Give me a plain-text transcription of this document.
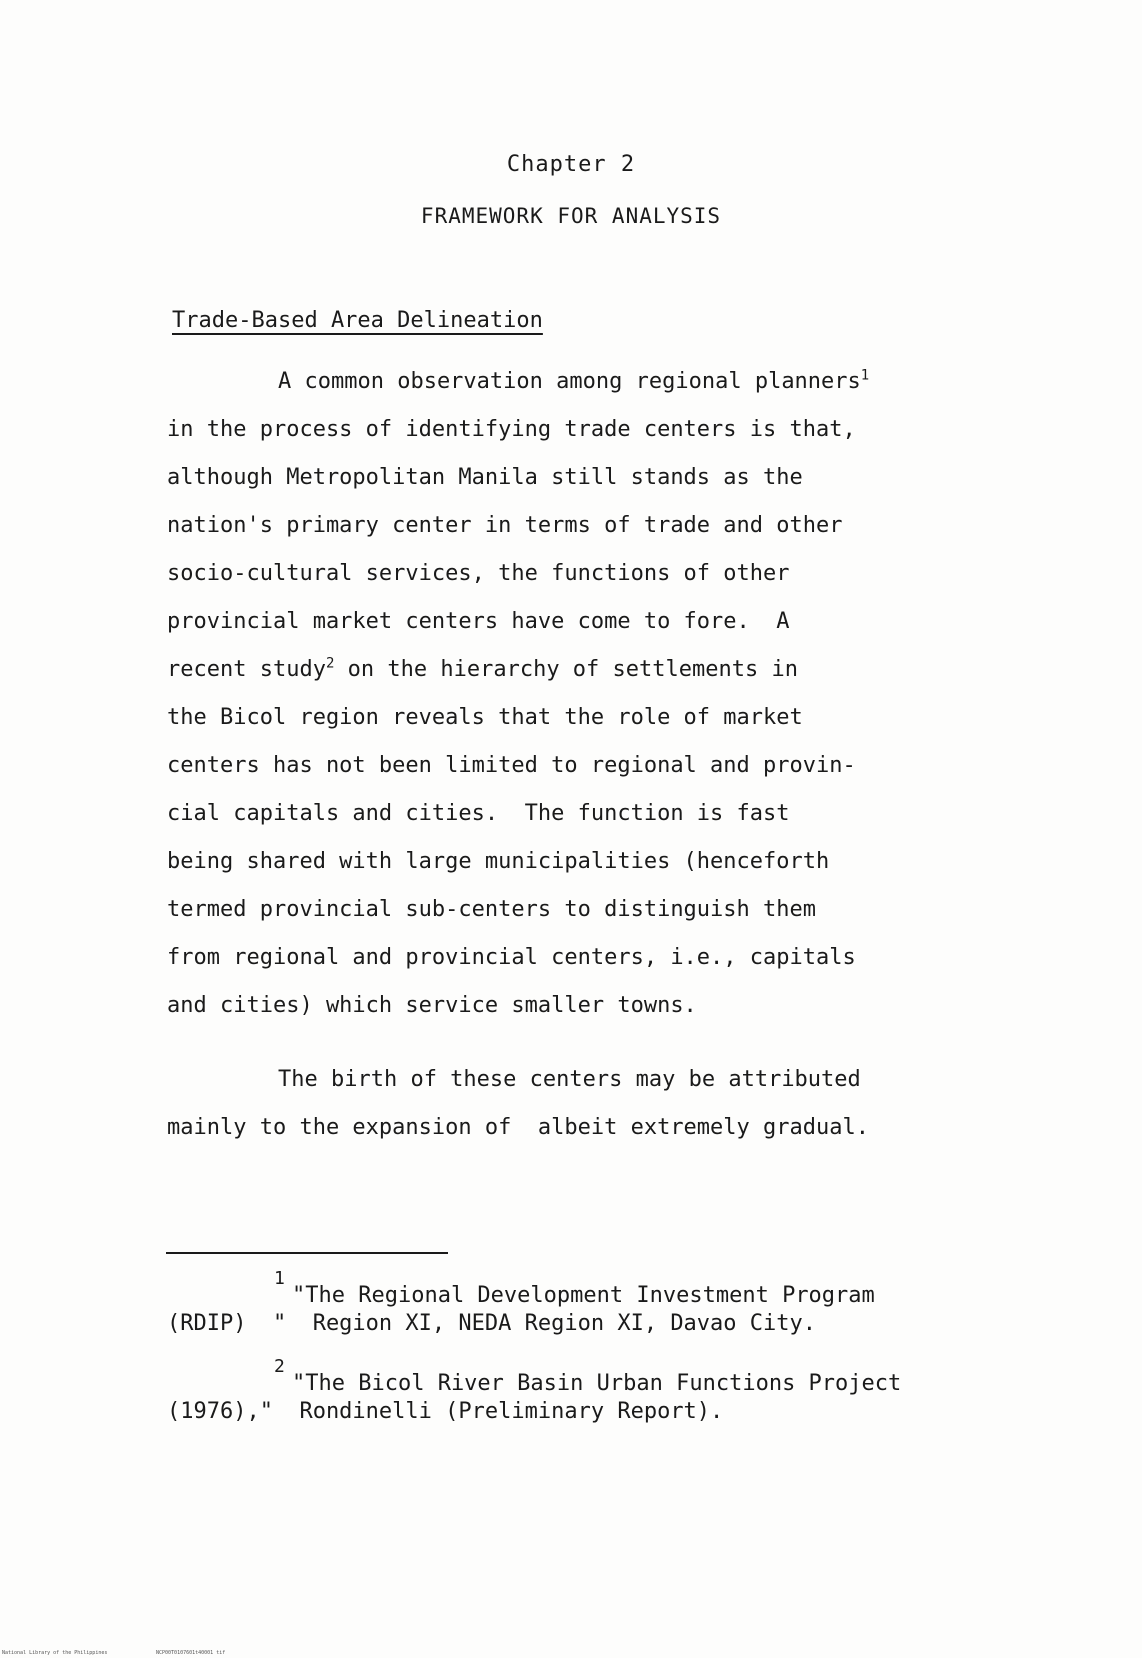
Chapter 2
FRAMEWORK FOR ANALYSIS
Trade-Based Area Delineation
A common observation among regional planners$^1$
in the process of identifying trade centers is that,
although Metropolitan Manila still stands as the
nation's primary center in terms of trade and other
socio-cultural services, the functions of other
provincial market centers have come to fore.  A
recent study$^2$ on the hierarchy of settlements in
the Bicol region reveals that the role of market
centers has not been limited to regional and provin-
cial capitals and cities.  The function is fast
being shared with large municipalities (henceforth
termed provincial sub-centers to distinguish them
from regional and provincial centers, i.e., capitals
and cities) which service smaller towns.
The birth of these centers may be attributed
mainly to the expansion of  albeit extremely gradual.
1
"The Regional Development Investment Program
(RDIP)  "  Region XI, NEDA Region XI, Davao City.
2
"The Bicol River Basin Urban Functions Project
(1976),"  Rondinelli (Preliminary Report).
National Library of the Philippines	NCP00T0107601t40001 tif
